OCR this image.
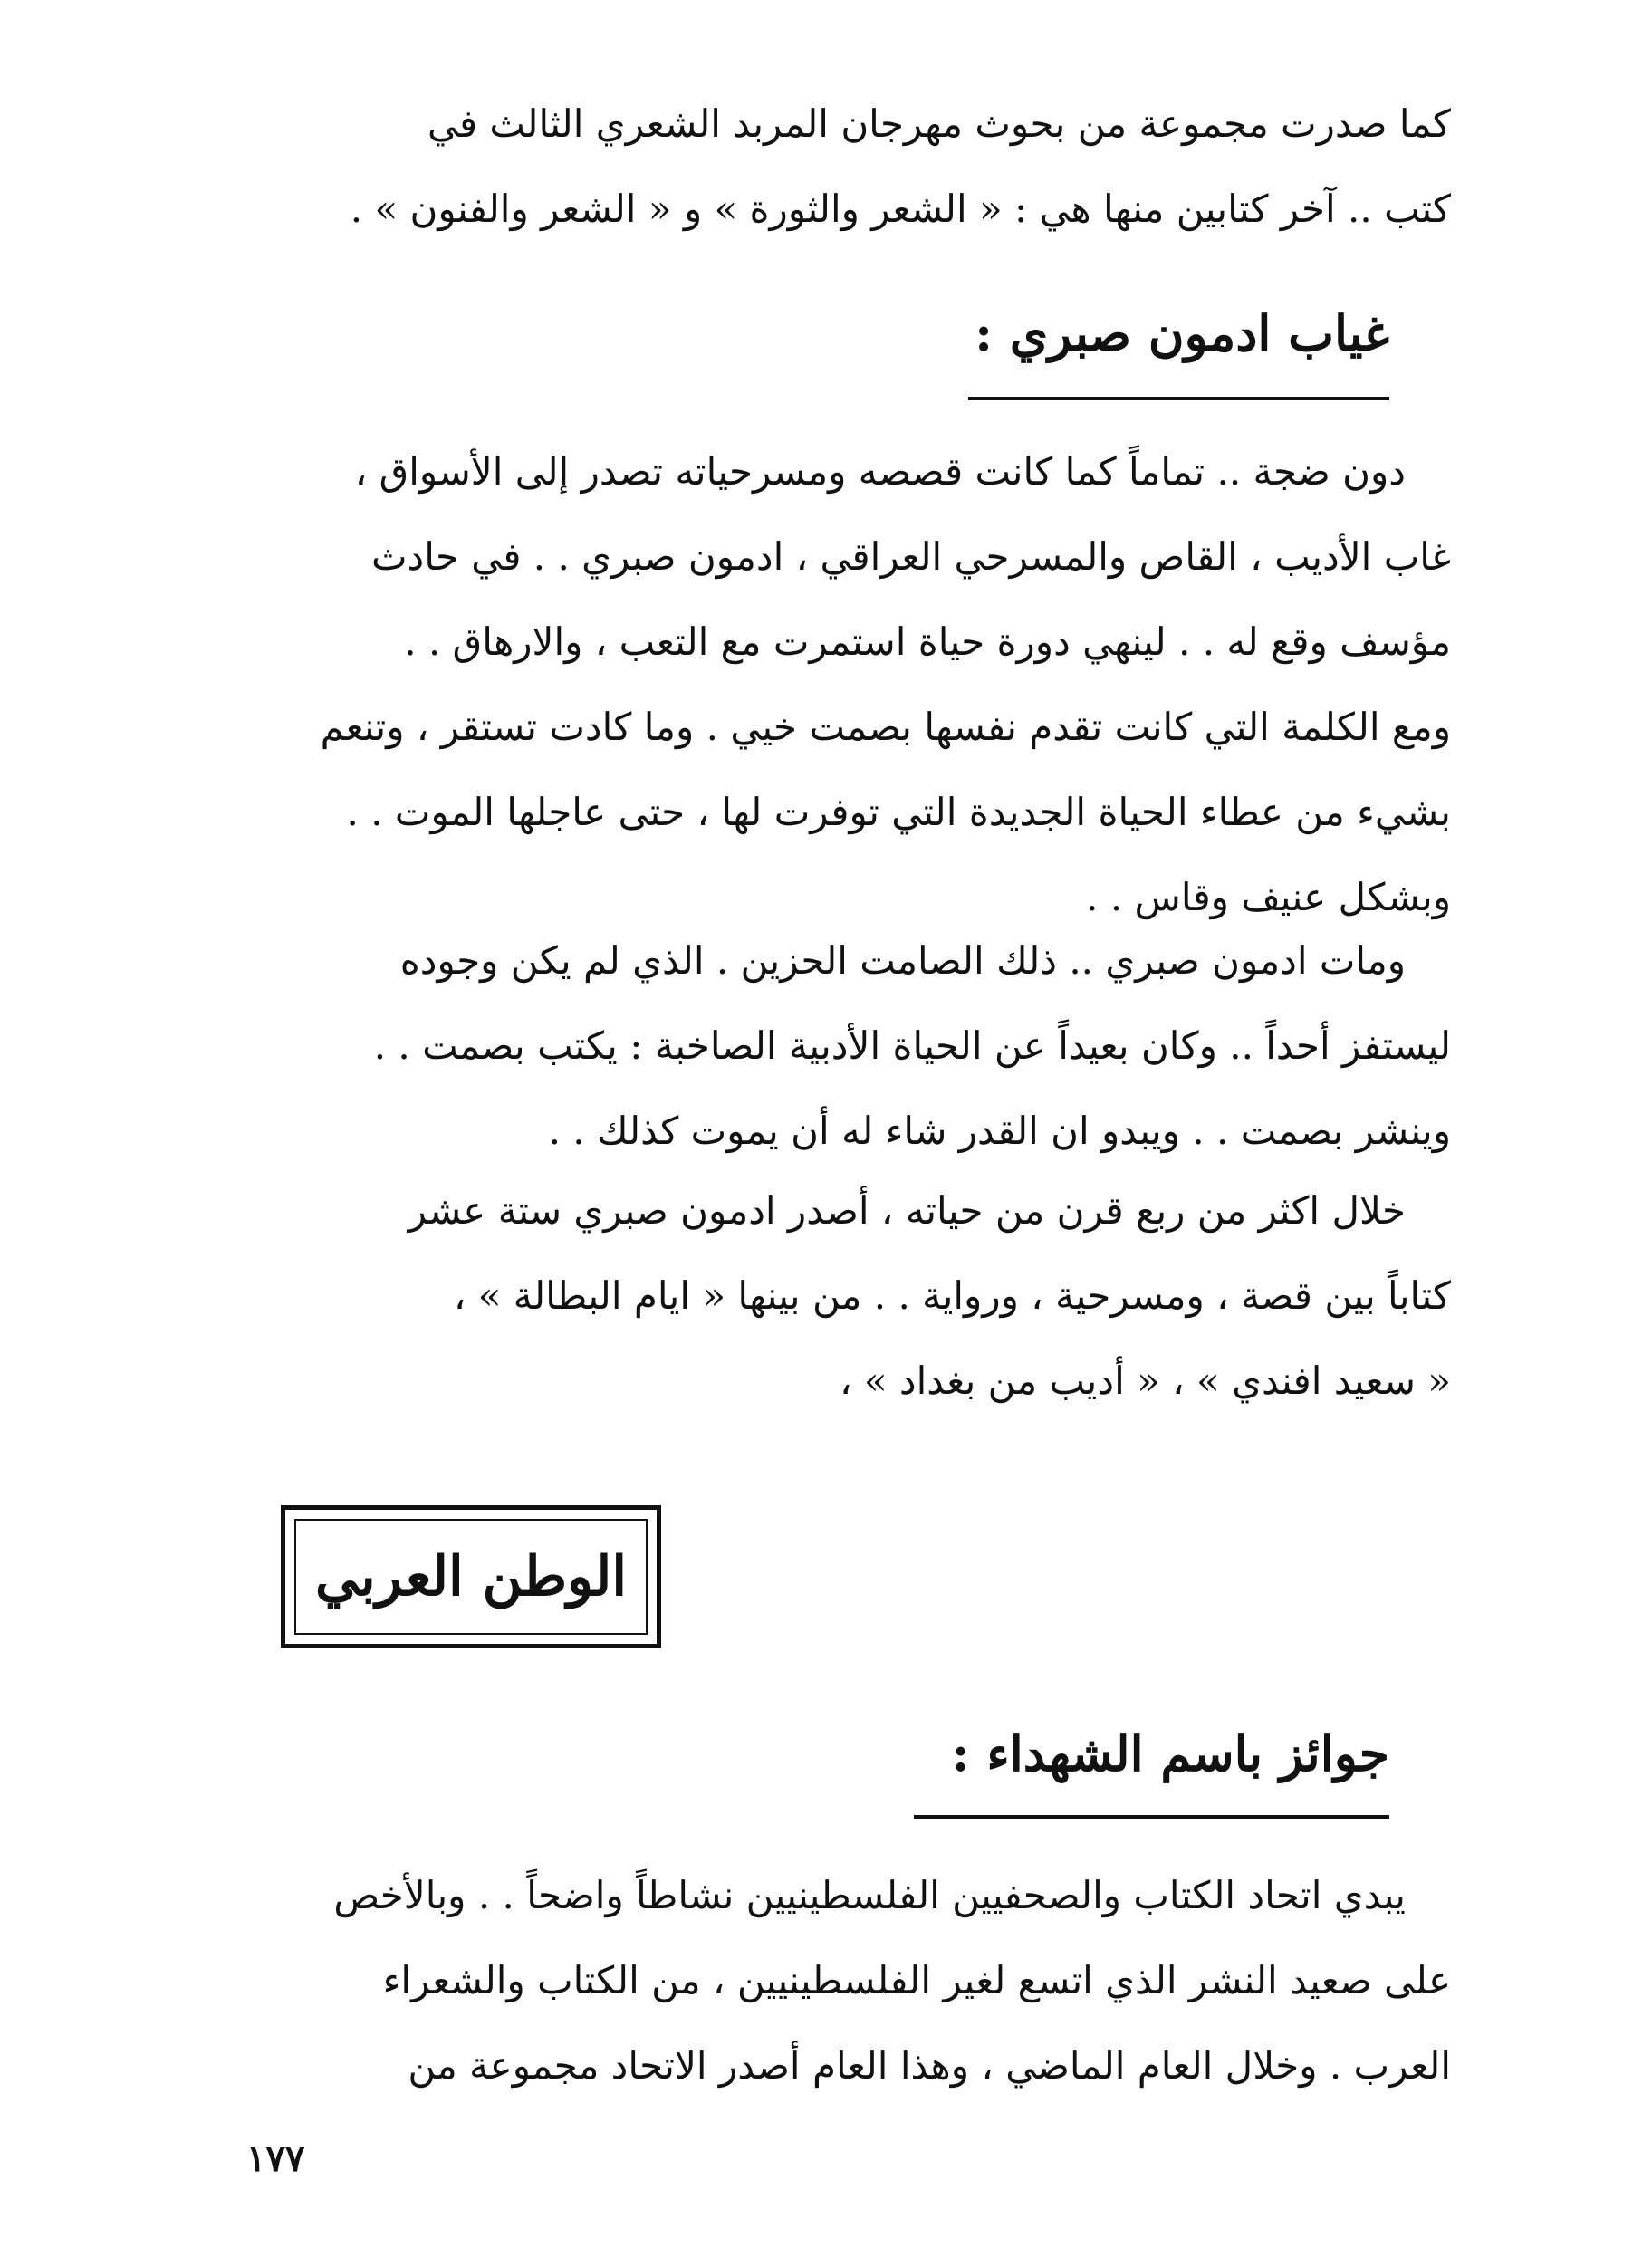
كما صدرت مجموعة من بحوث مهرجان المربد الشعري الثالث في
كتب .. آخر كتابين منها هي : « الشعر والثورة » و « الشعر والفنون » .
غياب ادمون صبري :
دون ضجة .. تماماً كما كانت قصصه ومسرحياته تصدر إلى الأسواق ،
غاب الأديب ، القاص والمسرحي العراقي ، ادمون صبري . . في حادث
مؤسف وقع له . . لينهي دورة حياة استمرت مع التعب ، والارهاق . .
ومع الكلمة التي كانت تقدم نفسها بصمت خيي . وما كادت تستقر ، وتنعم
بشيء من عطاء الحياة الجديدة التي توفرت لها ، حتى عاجلها الموت . .
وبشكل عنيف وقاس . .
ومات ادمون صبري .. ذلك الصامت الحزين . الذي لم يكن وجوده
ليستفز أحداً .. وكان بعيداً عن الحياة الأدبية الصاخبة : يكتب بصمت . .
وينشر بصمت . . ويبدو ان القدر شاء له أن يموت كذلك . .
خلال اكثر من ربع قرن من حياته ، أصدر ادمون صبري ستة عشر
كتاباً بين قصة ، ومسرحية ، ورواية . . من بينها « ايام البطالة » ،
« سعيد افندي » ، « أديب من بغداد » ،
الوطن العربي
جوائز باسم الشهداء :
يبدي اتحاد الكتاب والصحفيين الفلسطينيين نشاطاً واضحاً . . وبالأخص
على صعيد النشر الذي اتسع لغير الفلسطينيين ، من الكتاب والشعراء
العرب . وخلال العام الماضي ، وهذا العام أصدر الاتحاد مجموعة من
١٧٧
